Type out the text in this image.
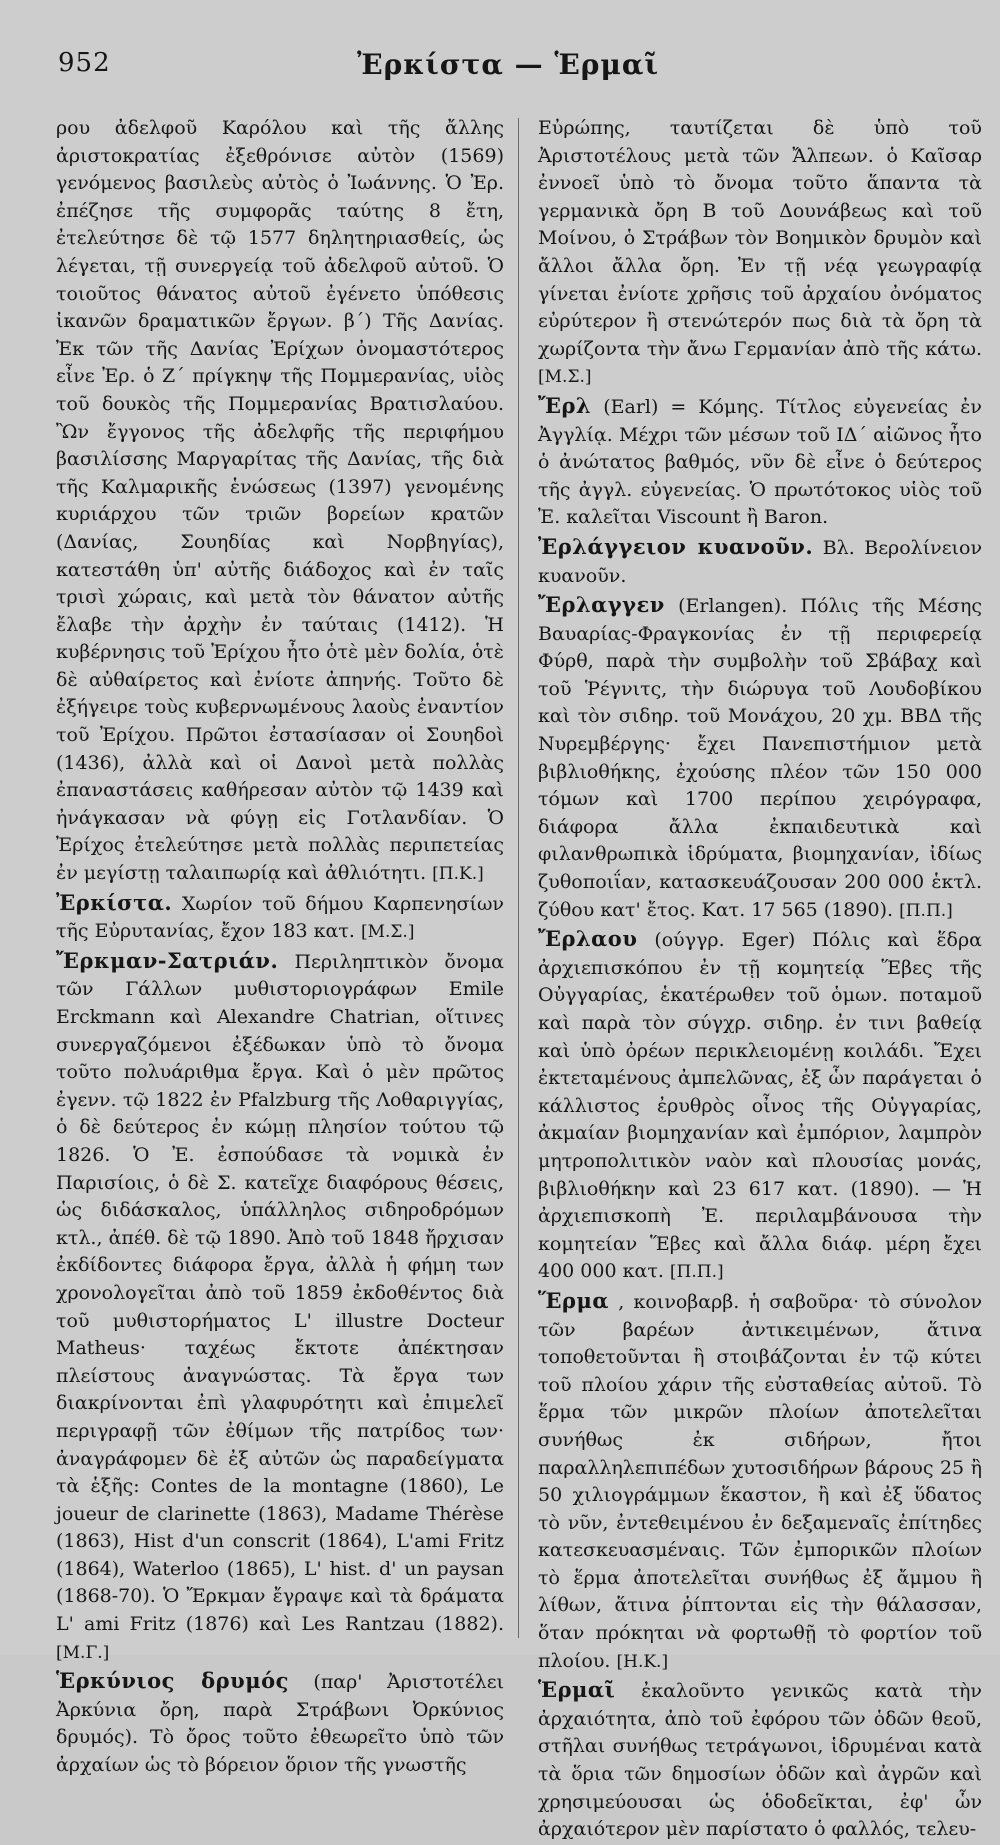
952	Ἐρκίστα — Ἑρμαῖ

ρου ἀδελφοῦ Καρόλου καὶ τῆς ἄλλης ἀριστοκρατίας ἐξεθρόνισε αὐτὸν (1569) γενόμενος βασιλεὺς αὐτὸς ὁ Ἰωάννης. Ὁ Ἐρ. ἐπέζησε τῆς συμφορᾶς ταύτης 8 ἔτη, ἐτελεύτησε δὲ τῷ 1577 δηλητηριασθείς, ὡς λέγεται, τῇ συνεργείᾳ τοῦ ἀδελφοῦ αὐτοῦ. Ὁ τοιοῦτος θάνατος αὐτοῦ ἐγένετο ὑπόθεσις ἱκανῶν δραματικῶν ἔργων. β΄) Τῆς Δανίας. Ἐκ τῶν τῆς Δανίας Ἐρίχων ὀνομαστότερος εἶνε Ἐρ. ὁ Ζ΄ πρίγκηψ τῆς Πομμερανίας, υἱὸς τοῦ δουκὸς τῆς Πομμερανίας Βρατισλαύου. Ὢν ἔγγονος τῆς ἀδελφῆς τῆς περιφήμου βασιλίσσης Μαργαρίτας τῆς Δανίας, τῆς διὰ τῆς Καλμαρικῆς ἑνώσεως (1397) γενομένης κυριάρχου τῶν τριῶν βορείων κρατῶν (Δανίας, Σουηδίας καὶ Νορβηγίας), κατεστάθη ὑπ' αὐτῆς διάδοχος καὶ ἐν ταῖς τρισὶ χώραις, καὶ μετὰ τὸν θάνατον αὐτῆς ἔλαβε τὴν ἀρχὴν ἐν ταύταις (1412). Ἡ κυβέρνησις τοῦ Ἐρίχου ἦτο ὁτὲ μὲν δολία, ὁτὲ δὲ αὐθαίρετος καὶ ἐνίοτε ἀπηνής. Τοῦτο δὲ ἐξήγειρε τοὺς κυβερνωμένους λαοὺς ἐναντίον τοῦ Ἐρίχου. Πρῶτοι ἐστασίασαν οἱ Σουηδοὶ (1436), ἀλλὰ καὶ οἱ Δανοὶ μετὰ πολλὰς ἐπαναστάσεις καθήρεσαν αὐτὸν τῷ 1439 καὶ ἠνάγκασαν νὰ φύγῃ εἰς Γοτλανδίαν. Ὁ Ἐρίχος ἐτελεύτησε μετὰ πολλὰς περιπετείας ἐν μεγίστῃ ταλαιπωρίᾳ καὶ ἀθλιότητι. [Π.Κ.]

Ἐρκίστα. Χωρίον τοῦ δήμου Καρπενησίων τῆς Εὐρυτανίας, ἔχον 183 κατ. [Μ.Σ.]

Ἔρκμαν-Σατριάν. Περιληπτικὸν ὄνομα τῶν Γάλλων μυθιστοριογράφων Emile Erckmann καὶ Alexandre Chatrian, οἵτινες συνεργαζόμενοι ἐξέδωκαν ὑπὸ τὸ ὄνομα τοῦτο πολυάριθμα ἔργα. Καὶ ὁ μὲν πρῶτος ἐγενν. τῷ 1822 ἐν Pfalzburg τῆς Λοθαριγγίας, ὁ δὲ δεύτερος ἐν κώμῃ πλησίον τούτου τῷ 1826. Ὁ Ἐ. ἐσπούδασε τὰ νομικὰ ἐν Παρισίοις, ὁ δὲ Σ. κατεῖχε διαφόρους θέσεις, ὡς διδάσκαλος, ὑπάλληλος σιδηροδρόμων κτλ., ἀπέθ. δὲ τῷ 1890. Ἀπὸ τοῦ 1848 ἤρχισαν ἐκδίδοντες διάφορα ἔργα, ἀλλὰ ἡ φήμη των χρονολογεῖται ἀπὸ τοῦ 1859 ἐκδοθέντος διὰ τοῦ μυθιστορήματος L' illustre Docteur Matheus· ταχέως ἔκτοτε ἀπέκτησαν πλείστους ἀναγνώστας. Τὰ ἔργα των διακρίνονται ἐπὶ γλαφυρότητι καὶ ἐπιμελεῖ περιγραφῇ τῶν ἐθίμων τῆς πατρίδος των· ἀναγράφομεν δὲ ἐξ αὐτῶν ὡς παραδείγματα τὰ ἑξῆς: Contes de la montagne (1860), Le joueur de clarinette (1863), Madame Thérèse (1863), Hist d'un conscrit (1864), L'ami Fritz (1864), Waterloo (1865), L' hist. d' un paysan (1868-70). Ὁ Ἔρκμαν ἔγραψε καὶ τὰ δράματα L' ami Fritz (1876) καὶ Les Rantzau (1882). [Μ.Γ.]

Ἑρκύνιος δρυμός (παρ' Ἀριστοτέλει Ἀρκύνια ὄρη, παρὰ Στράβωνι Ὀρκύνιος δρυμός). Τὸ ὄρος τοῦτο ἐθεωρεῖτο ὑπὸ τῶν ἀρχαίων ὡς τὸ βόρειον ὅριον τῆς γνωστῆς

Εὐρώπης, ταυτίζεται δὲ ὑπὸ τοῦ Ἀριστοτέλους μετὰ τῶν Ἄλπεων. ὁ Καῖσαρ ἐννοεῖ ὑπὸ τὸ ὄνομα τοῦτο ἅπαντα τὰ γερμανικὰ ὄρη Β τοῦ Δουνάβεως καὶ τοῦ Μοίνου, ὁ Στράβων τὸν Βοημικὸν δρυμὸν καὶ ἄλλοι ἄλλα ὄρη. Ἐν τῇ νέᾳ γεωγραφίᾳ γίνεται ἐνίοτε χρῆσις τοῦ ἀρχαίου ὀνόματος εὐρύτερον ἢ στενώτερόν πως διὰ τὰ ὄρη τὰ χωρίζοντα τὴν ἄνω Γερμανίαν ἀπὸ τῆς κάτω. [Μ.Σ.]

Ἔρλ (Earl) = Κόμης. Τίτλος εὐγενείας ἐν Ἀγγλίᾳ. Μέχρι τῶν μέσων τοῦ ΙΔ΄ αἰῶνος ἦτο ὁ ἀνώτατος βαθμός, νῦν δὲ εἶνε ὁ δεύτερος τῆς ἀγγλ. εὐγενείας. Ὁ πρωτότοκος υἱὸς τοῦ Ἐ. καλεῖται Viscount ἢ Baron.

Ἐρλάγγειον κυανοῦν. Βλ. Βερολίνειον κυανοῦν.

Ἔρλαγγεν (Erlangen). Πόλις τῆς Μέσης Βαυαρίας-Φραγκονίας ἐν τῇ περιφερείᾳ Φύρθ, παρὰ τὴν συμβολὴν τοῦ Σβάβαχ καὶ τοῦ Ῥέγνιτς, τὴν διώρυγα τοῦ Λουδοβίκου καὶ τὸν σιδηρ. τοῦ Μονάχου, 20 χμ. ΒΒΔ τῆς Νυρεμβέργης· ἔχει Πανεπιστήμιον μετὰ βιβλιοθήκης, ἐχούσης πλέον τῶν 150 000 τόμων καὶ 1700 περίπου χειρόγραφα, διάφορα ἄλλα ἐκπαιδευτικὰ καὶ φιλανθρωπικὰ ἱδρύματα, βιομηχανίαν, ἰδίως ζυθοποιΐαν, κατασκευάζουσαν 200 000 ἑκτλ. ζύθου κατ' ἔτος. Κατ. 17 565 (1890). [Π.Π.]

Ἔρλαου (ούγγρ. Eger) Πόλις καὶ ἕδρα ἀρχιεπισκόπου ἐν τῇ κομητείᾳ Ἕβες τῆς Οὐγγαρίας, ἑκατέρωθεν τοῦ ὁμων. ποταμοῦ καὶ παρὰ τὸν σύγχρ. σιδηρ. ἐν τινι βαθείᾳ καὶ ὑπὸ ὀρέων περικλειομένῃ κοιλάδι. Ἔχει ἐκτεταμένους ἀμπελῶνας, ἐξ ὧν παράγεται ὁ κάλλιστος ἐρυθρὸς οἶνος τῆς Οὐγγαρίας, ἀκμαίαν βιομηχανίαν καὶ ἐμπόριον, λαμπρὸν μητροπολιτικὸν ναὸν καὶ πλουσίας μονάς, βιβλιοθήκην καὶ 23 617 κατ. (1890). — Ἡ ἀρχιεπισκοπὴ Ἐ. περιλαμβάνουσα τὴν κομητείαν Ἕβες καὶ ἄλλα διάφ. μέρη ἔχει 400 000 κατ. [Π.Π.]

Ἕρμα , κοινοβαρβ. ἡ σαβοῦρα· τὸ σύνολον τῶν βαρέων ἀντικειμένων, ἅτινα τοποθετοῦνται ἢ στοιβάζονται ἐν τῷ κύτει τοῦ πλοίου χάριν τῆς εὐσταθείας αὐτοῦ. Τὸ ἕρμα τῶν μικρῶν πλοίων ἀποτελεῖται συνήθως ἐκ σιδήρων, ἤτοι παραλληλεπιπέδων χυτοσιδήρων βάρους 25 ἢ 50 χιλιογράμμων ἕκαστον, ἢ καὶ ἐξ ὕδατος τὸ νῦν, ἐντεθειμένου ἐν δεξαμεναῖς ἐπίτηδες κατεσκευασμέναις. Τῶν ἐμπορικῶν πλοίων τὸ ἕρμα ἀποτελεῖται συνήθως ἐξ ἄμμου ἢ λίθων, ἅτινα ῥίπτονται εἰς τὴν θάλασσαν, ὅταν πρόκηται νὰ φορτωθῇ τὸ φορτίον τοῦ πλοίου. [Η.Κ.]

Ἑρμαῖ ἐκαλοῦντο γενικῶς κατὰ τὴν ἀρχαιότητα, ἀπὸ τοῦ ἐφόρου τῶν ὁδῶν θεοῦ, στῆλαι συνήθως τετράγωνοι, ἱδρυμέναι κατὰ τὰ ὅρια τῶν δημοσίων ὁδῶν καὶ ἀγρῶν καὶ χρησιμεύουσαι ὡς ὁδοδεῖκται, ἐφ' ὧν ἀρχαιότερον μὲν παρίστατο ὁ φαλλός, τελευ-
